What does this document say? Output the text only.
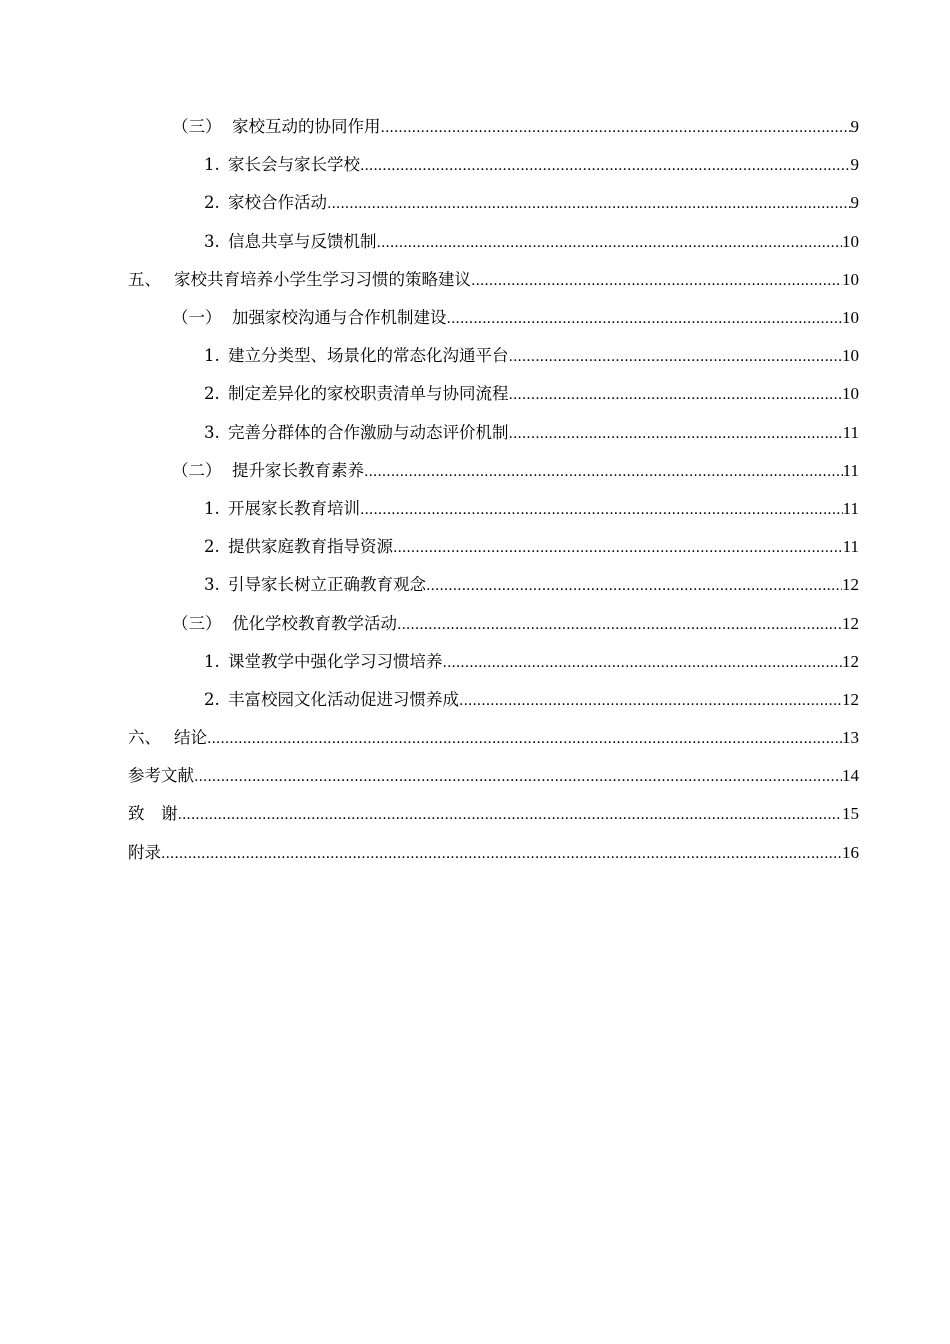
（三） 家校互动的协同作用 .....	9
1. 家长会与家长学校 .....	9
2. 家校合作活动 .....	9
3. 信息共享与反馈机制 .....	10
五、 家校共育培养小学生学习习惯的策略建议 .....	10
（一） 加强家校沟通与合作机制建设 .....	10
1. 建立分类型、场景化的常态化沟通平台 .....	10
2. 制定差异化的家校职责清单与协同流程 .....	10
3. 完善分群体的合作激励与动态评价机制 .....	11
（二） 提升家长教育素养 .....	11
1. 开展家长教育培训 .....	11
2. 提供家庭教育指导资源 .....	11
3. 引导家长树立正确教育观念 .....	12
（三） 优化学校教育教学活动 .....	12
1. 课堂教学中强化学习习惯培养 .....	12
2. 丰富校园文化活动促进习惯养成 .....	12
六、 结论 .....	13
参考文献 .....	14
致　谢 .....	15
附录 .....	16
